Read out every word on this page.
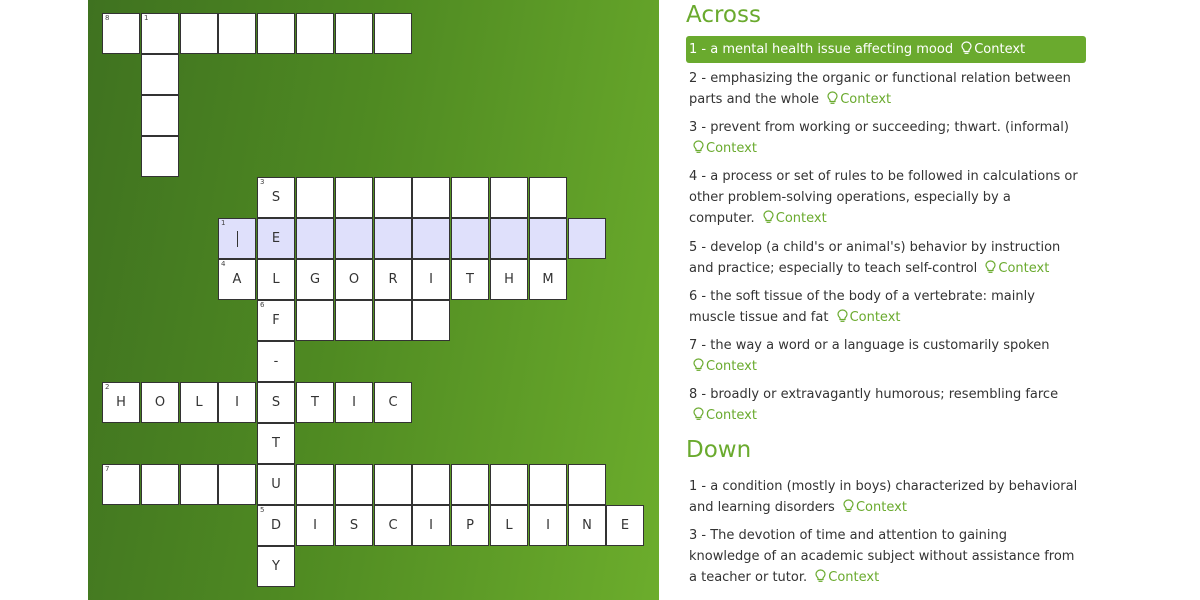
8	1
3
S
1
E
4
A	L	G	O	R	I	T	H	M
6
F
-
2
H	O	L	I	S	T	I	C
T
7
U
5
D	I	S	C	I	P	L	I	N	E
Y
Across
1 - a mental health issue affecting mood Context
2 - emphasizing the organic or functional relation between parts and the whole Context
3 - prevent from working or succeeding; thwart. (informal) Context
4 - a process or set of rules to be followed in calculations or other problem-solving operations, especially by a computer. Context
5 - develop (a child's or animal's) behavior by instruction and practice; especially to teach self-control Context
6 - the soft tissue of the body of a vertebrate: mainly muscle tissue and fat Context
7 - the way a word or a language is customarily spoken Context
8 - broadly or extravagantly humorous; resembling farce Context
Down
1 - a condition (mostly in boys) characterized by behavioral and learning disorders Context
3 - The devotion of time and attention to gaining knowledge of an academic subject without assistance from a teacher or tutor. Context
